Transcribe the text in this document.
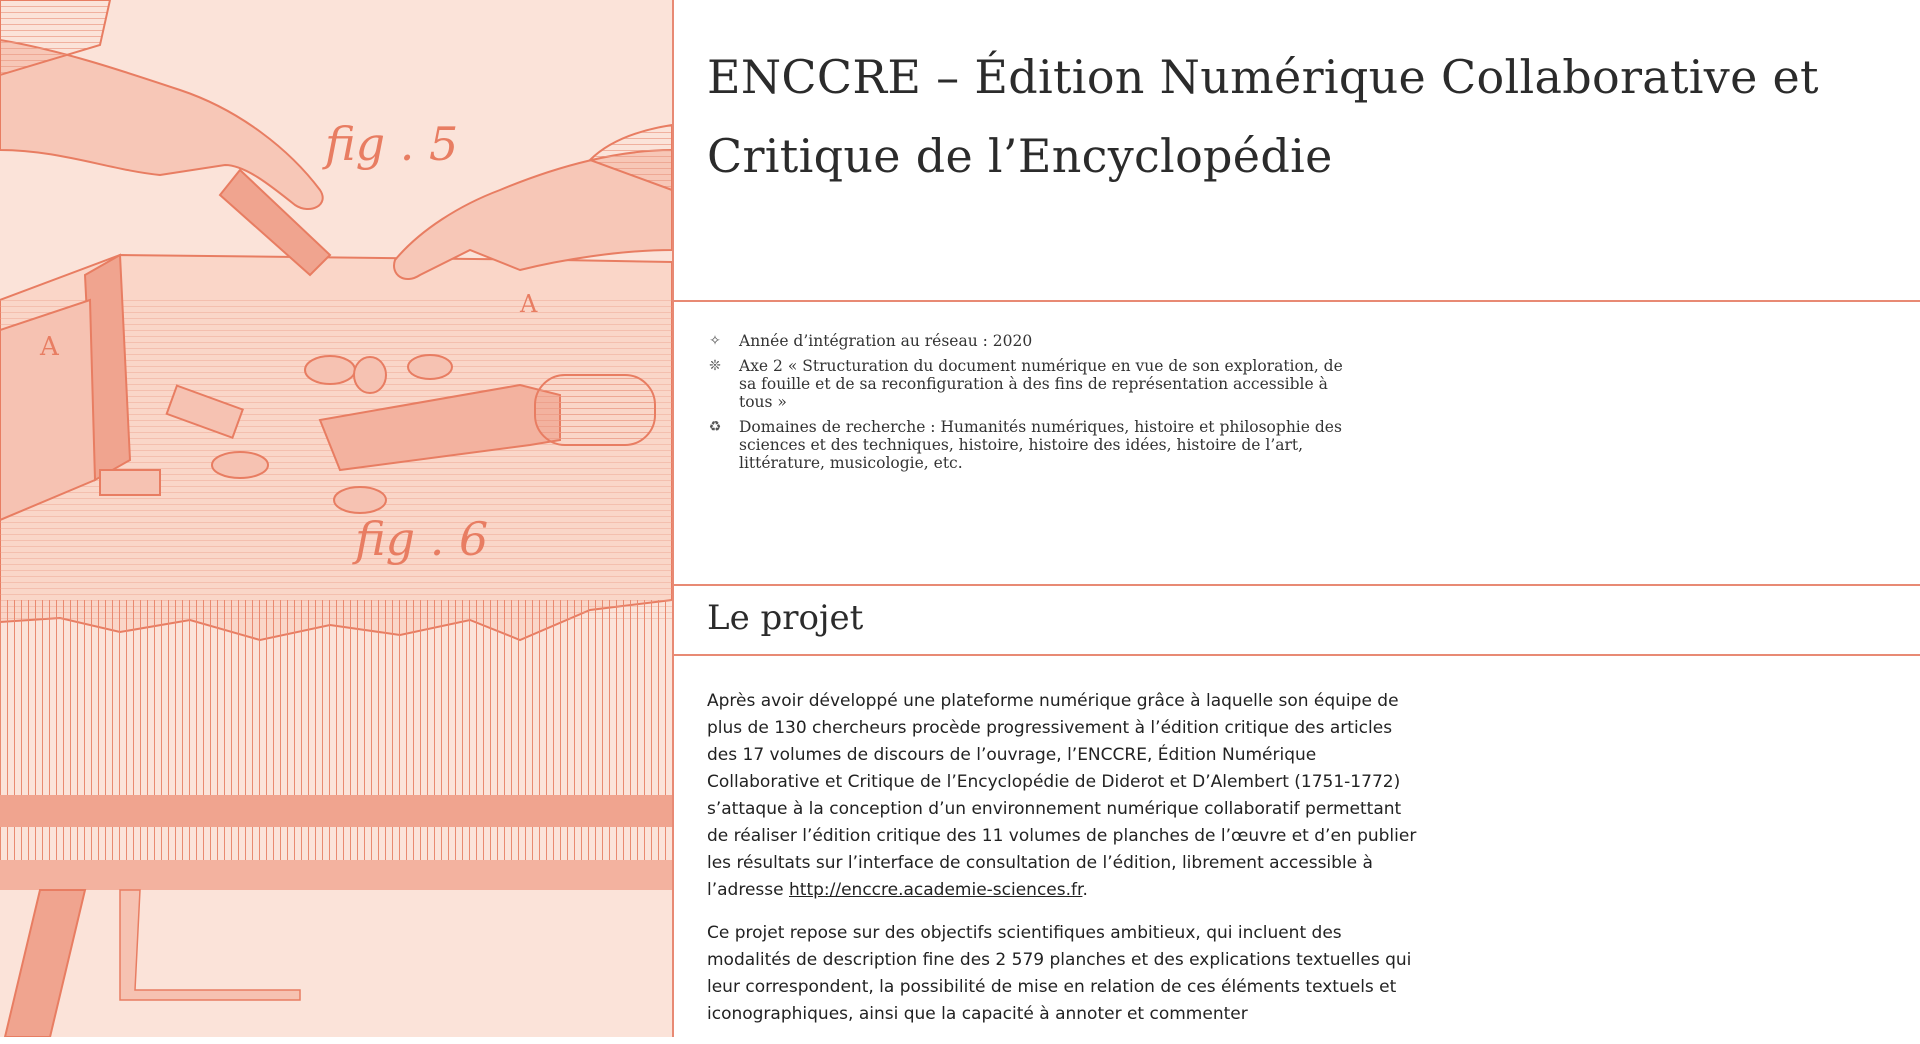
fig . 5
fig . 6
A
A
ENCCRE – Édition Numérique Collaborative et Critique de l’Encyclopédie
✧ Année d’intégration au réseau : 2020
❊ Axe 2 « Structuration du document numérique en vue de son exploration, de sa fouille et de sa reconfiguration à des fins de représentation accessible à tous »
♻ Domaines de recherche : Humanités numériques, histoire et philosophie des sciences et des techniques, histoire, histoire des idées, histoire de l’art, littérature, musicologie, etc.
Le projet

Après avoir développé une plateforme numérique grâce à laquelle son équipe de plus de 130 chercheurs procède progressivement à l’édition critique des articles des 17 volumes de discours de l’ouvrage, l’ENCCRE, Édition Numérique Collaborative et Critique de l’Encyclopédie de Diderot et D’Alembert (1751-1772) s’attaque à la conception d’un environnement numérique collaboratif permettant de réaliser l’édition critique des 11 volumes de planches de l’œuvre et d’en publier les résultats sur l’interface de consultation de l’édition, librement accessible à l’adresse http://enccre.academie-sciences.fr.

Ce projet repose sur des objectifs scientifiques ambitieux, qui incluent des modalités de description fine des 2 579 planches et des explications textuelles qui leur correspondent, la possibilité de mise en relation de ces éléments textuels et iconographiques, ainsi que la capacité à annoter et commenter
